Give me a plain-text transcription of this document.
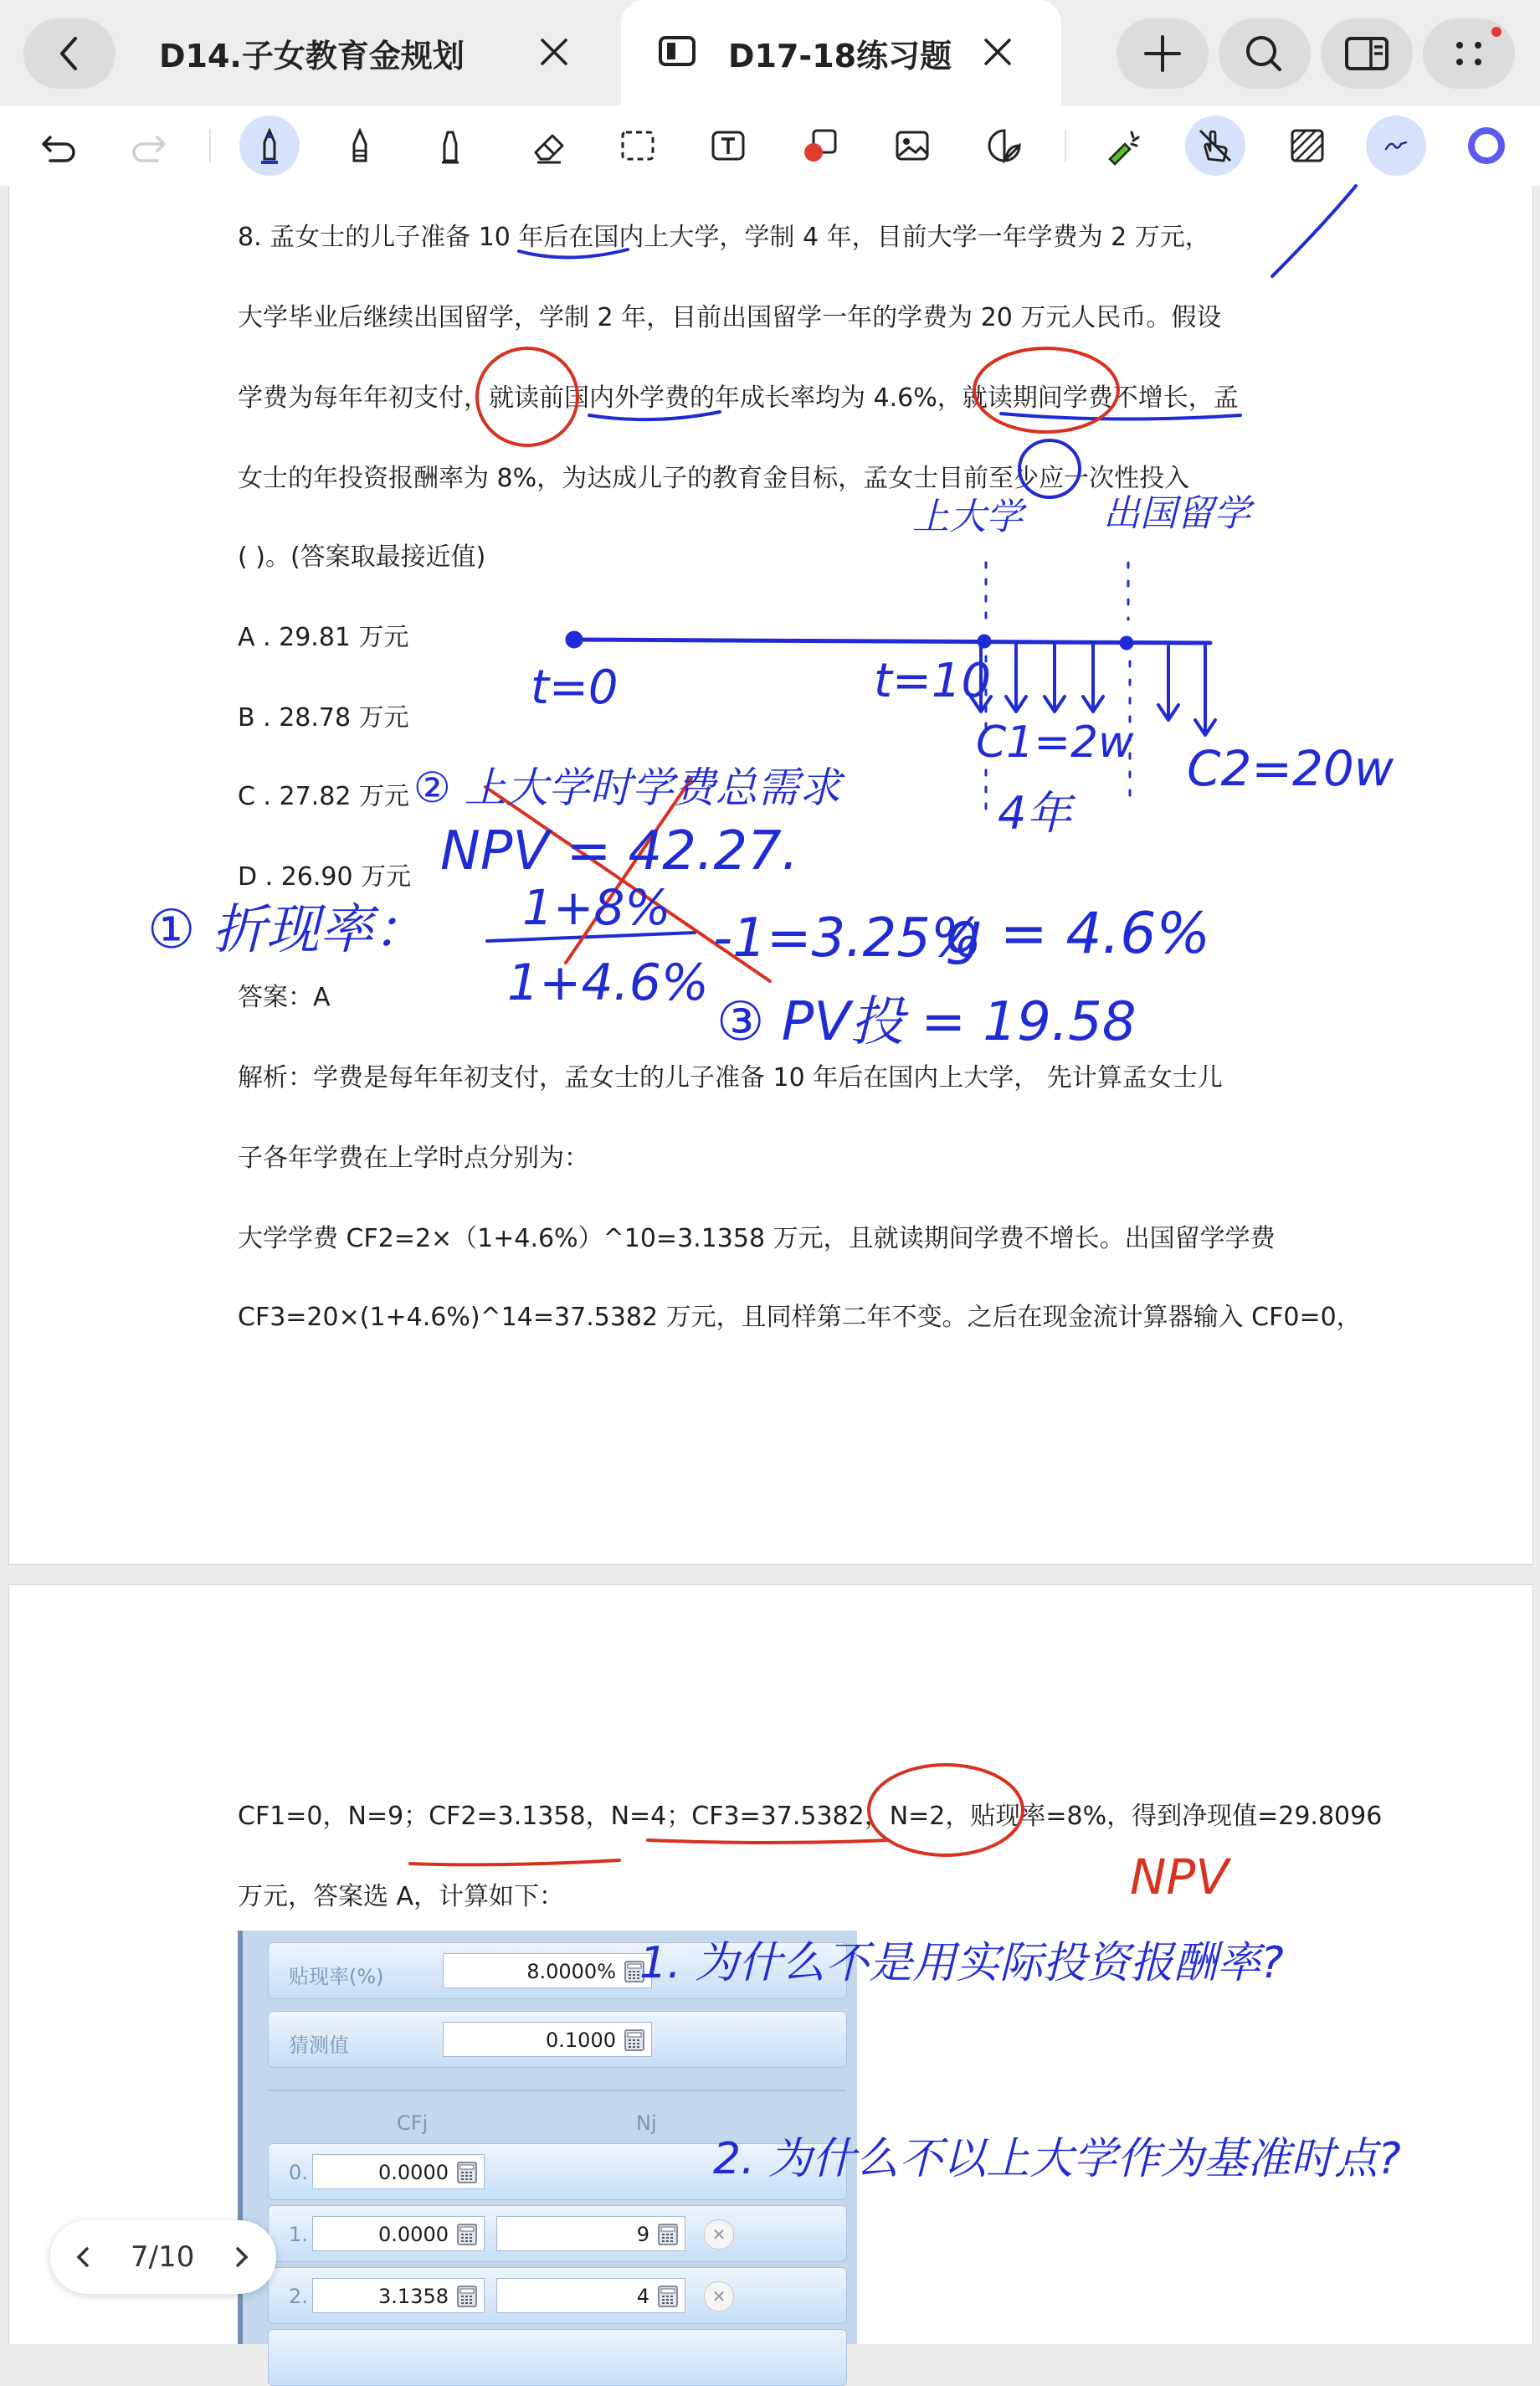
D14.子女教育金规划	D17-18练习题
8. 孟女士的儿子准备 10 年后在国内上大学，学制 4 年，目前大学一年学费为 2 万元，
大学毕业后继续出国留学，学制 2 年，目前出国留学一年的学费为 20 万元人民币。假设
学费为每年年初支付，就读前国内外学费的年成长率均为 4.6%，就读期间学费不增长，孟
女士的年投资报酬率为 8%，为达成儿子的教育金目标，孟女士目前至少应一次性投入
( )。(答案取最接近值)
A . 29.81 万元
B . 28.78 万元
C . 27.82 万元
D . 26.90 万元
答案：A
解析：学费是每年年初支付，孟女士的儿子准备 10 年后在国内上大学， 先计算孟女士儿
子各年学费在上学时点分别为：
大学学费 CF2=2×（1+4.6%）^10=3.1358 万元，且就读期间学费不增长。出国留学学费
CF3=20×(1+4.6%)^14=37.5382 万元，且同样第二年不变。之后在现金流计算器输入 CF0=0，
CF1=0，N=9；CF2=3.1358，N=4；CF3=37.5382，N=2，贴现率=8%，得到净现值=29.8096
万元，答案选 A，计算如下：
贴现率(%)	8.0000%
猜测值	0.1000
CFj	Nj
0.	0.0000
1.	0.0000	9	✕
2.	3.1358	4	✕
上大学 出国留学
t=0	t=10
C1=2w
4年
C2=20w
② 上大学时学费总需求
NPV = 42.27.
① 折现率： 1+8%
1+4.6%
-1=3.25%
g = 4.6%
③ PV投 = 19.58
NPV
1. 为什么不是用实际投资报酬率?
2. 为什么不以上大学作为基准时点?
7/10
